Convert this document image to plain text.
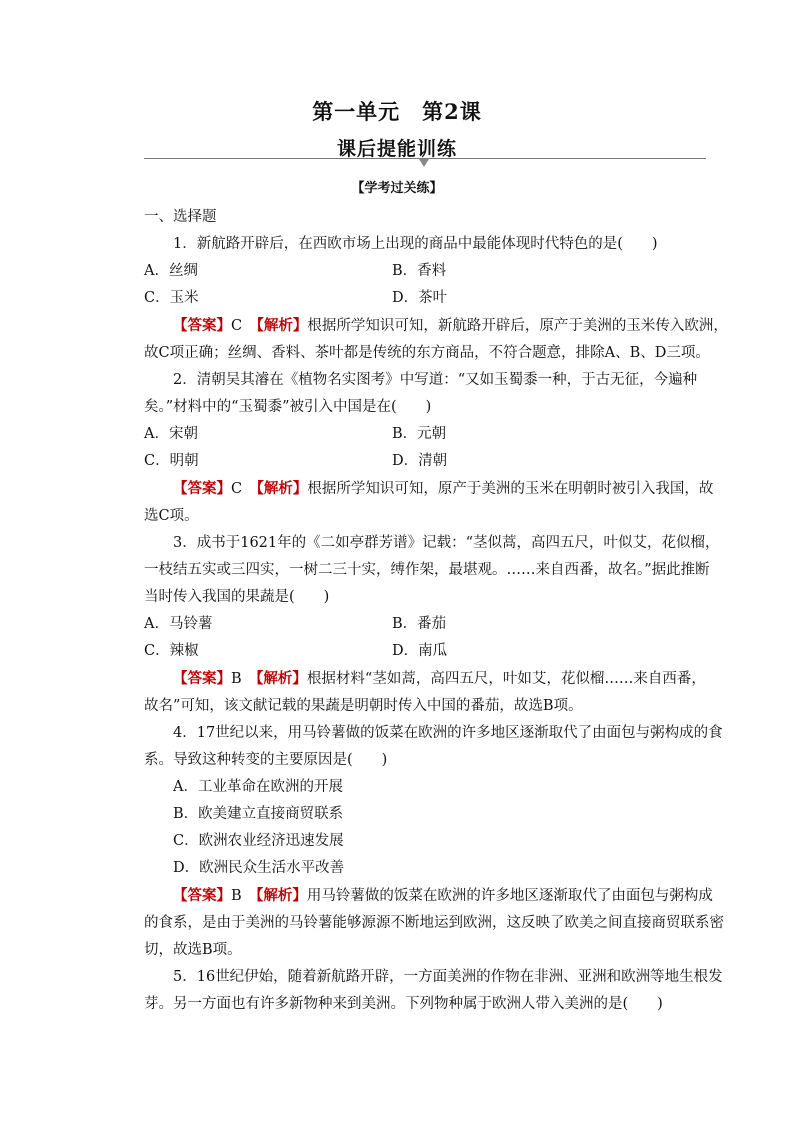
第一单元　第2课
课后提能训练
【学考过关练】
一、选择题
1．新航路开辟后，在西欧市场上出现的商品中最能体现时代特色的是(　　)
A．丝绸	B．香料
C．玉米	D．茶叶
【答案】C　 【解析】根据所学知识可知，新航路开辟后，原产于美洲的玉米传入欧洲，
故C项正确；丝绸、香料、茶叶都是传统的东方商品，不符合题意，排除A、B、D三项。
2．清朝吴其濬在《植物名实图考》中写道：“又如玉蜀黍一种，于古无征，今遍种
矣。”材料中的“玉蜀黍”被引入中国是在(　　)
A．宋朝	B．元朝
C．明朝	D．清朝
【答案】C　 【解析】根据所学知识可知，原产于美洲的玉米在明朝时被引入我国，故
选C项。
3．成书于1621年的《二如亭群芳谱》记载：“茎似蒿，高四五尺，叶似艾，花似榴，
一枝结五实或三四实，一树二三十实，缚作架，最堪观。……来自西番，故名。”据此推断
当时传入我国的果蔬是(　　)
A．马铃薯	B．番茄
C．辣椒	D．南瓜
【答案】B　 【解析】根据材料“茎如蒿，高四五尺，叶如艾，花似榴……来自西番，
故名”可知，该文献记载的果蔬是明朝时传入中国的番茄，故选B项。
4．17世纪以来，用马铃薯做的饭菜在欧洲的许多地区逐渐取代了由面包与粥构成的食
系。导致这种转变的主要原因是(　　)
A．工业革命在欧洲的开展
B．欧美建立直接商贸联系
C．欧洲农业经济迅速发展
D．欧洲民众生活水平改善
【答案】B　 【解析】用马铃薯做的饭菜在欧洲的许多地区逐渐取代了由面包与粥构成
的食系，是由于美洲的马铃薯能够源源不断地运到欧洲，这反映了欧美之间直接商贸联系密
切，故选B项。
5．16世纪伊始，随着新航路开辟，一方面美洲的作物在非洲、亚洲和欧洲等地生根发
芽。另一方面也有许多新物种来到美洲。下列物种属于欧洲人带入美洲的是(　　)
